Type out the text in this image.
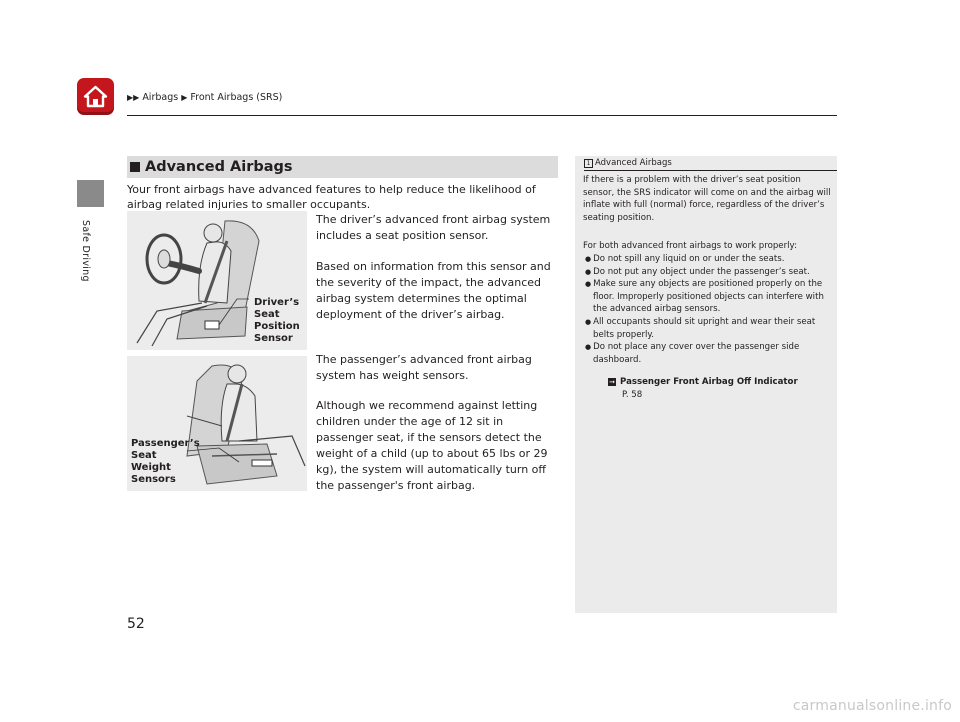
▶▶ Airbags ▶ Front Airbags (SRS)
Safe Driving
Advanced Airbags
Your front airbags have advanced features to help reduce the likelihood of airbag related injuries to smaller occupants.
Driver’s
Seat
Position
Sensor
Passenger’s
Seat
Weight
Sensors
The driver’s advanced front airbag system includes a seat position sensor.
Based on information from this sensor and the severity of the impact, the advanced airbag system determines the optimal deployment of the driver’s airbag.
The passenger’s advanced front airbag system has weight sensors.
Although we recommend against letting children under the age of 12 sit in passenger seat, if the sensors detect the weight of a child (up to about 65 lbs or 29 kg), the system will automatically turn off the passenger's front airbag.
1 Advanced Airbags
If there is a problem with the driver’s seat position sensor, the SRS indicator will come on and the airbag will inflate with full (normal) force, regardless of the driver’s seating position.
For both advanced front airbags to work properly:
● Do not spill any liquid on or under the seats.
● Do not put any object under the passenger’s seat.
● Make sure any objects are positioned properly on the floor. Improperly positioned objects can interfere with the advanced airbag sensors.
● All occupants should sit upright and wear their seat belts properly.
● Do not place any cover over the passenger side dashboard.
➞ Passenger Front Airbag Off Indicator
P. 58
52
carmanualsonline.info
